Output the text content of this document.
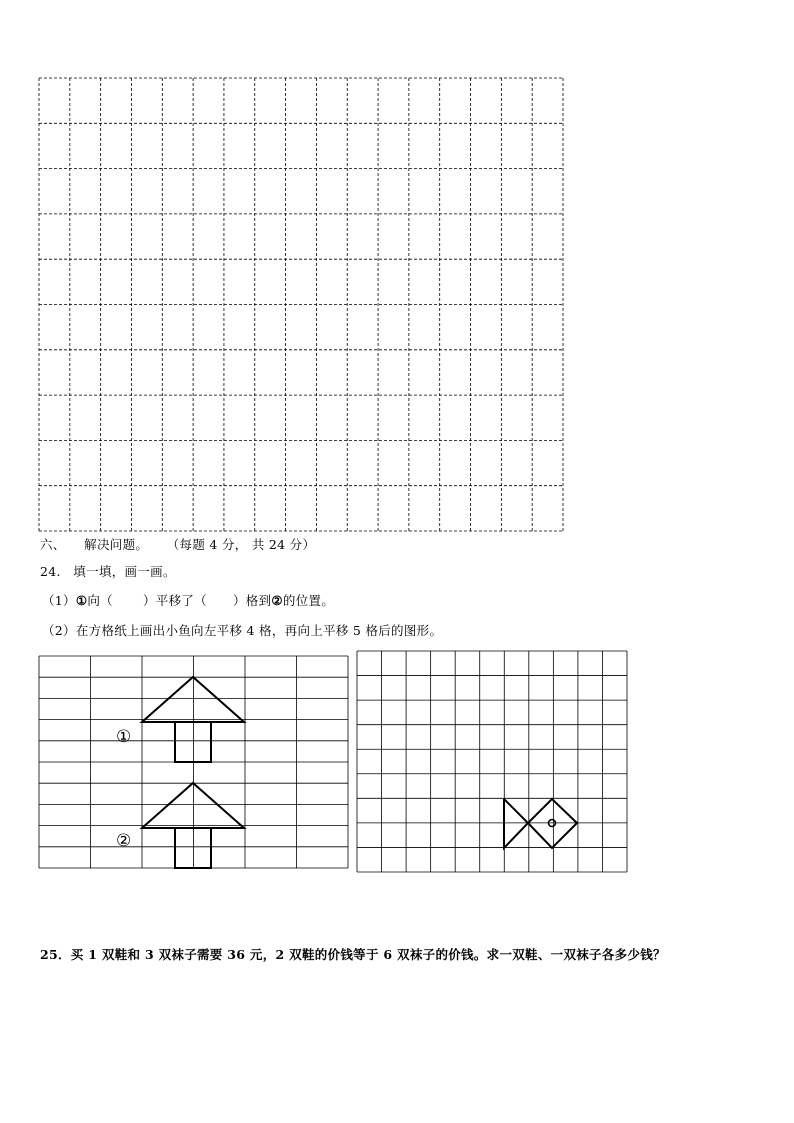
六、 解决问题。 （每题 4 分， 共 24 分）
24. 填一填，画一画。
（1）①向（ ）平移了（ ）格到②的位置。
（2）在方格纸上画出小鱼向左平移 4 格，再向上平移 5 格后的图形。
①
②
25．买 1 双鞋和 3 双袜子需要 36 元，2 双鞋的价钱等于 6 双袜子的价钱。求一双鞋、一双袜子各多少钱？
